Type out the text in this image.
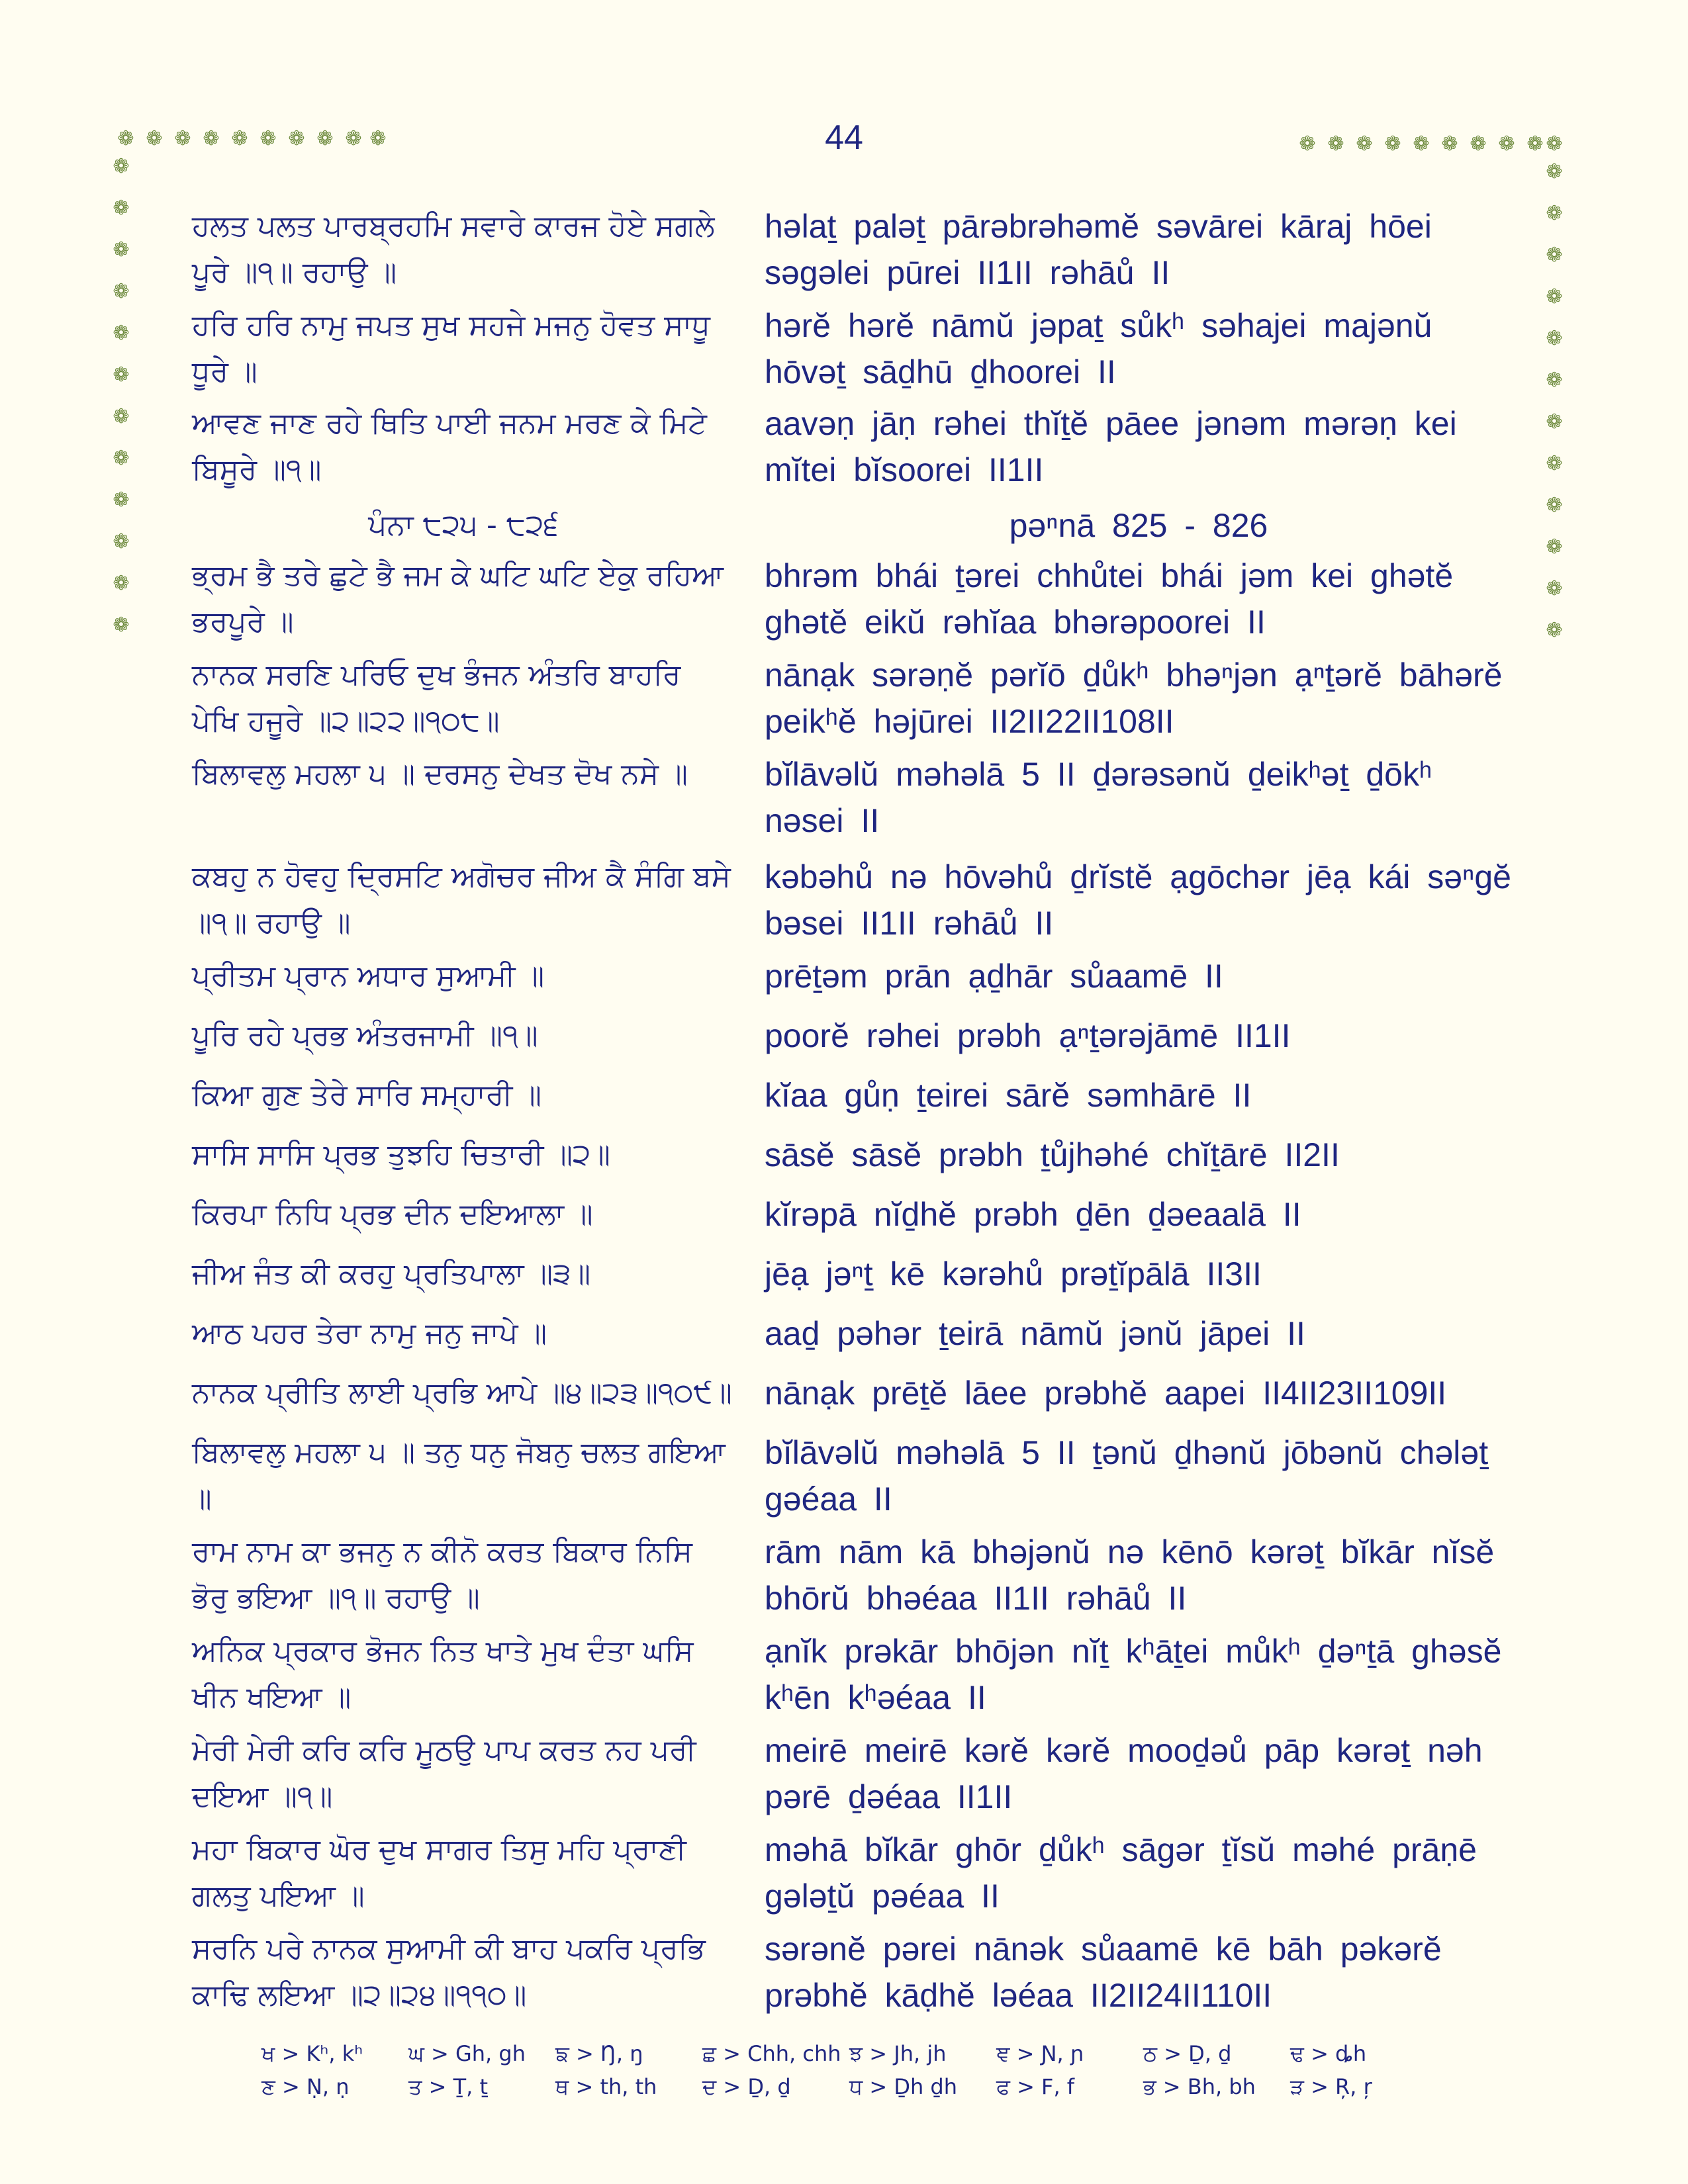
44
❁ ❁ ❁ ❁ ❁ ❁ ❁ ❁ ❁ ❁	❁ ❁ ❁ ❁ ❁ ❁ ❁ ❁ ❁ ❁
❁
❁
❁
❁
❁
❁
❁
❁
❁
❁
❁
❁
❁
❁
❁
❁
❁
❁
❁
❁
❁
❁
❁
❁
ਹਲਤ ਪਲਤ ਪਾਰਬ੍ਰਹਮਿ ਸਵਾਰੇ ਕਾਰਜ ਹੋਏ ਸਗਲੇ ਪੂਰੇ ॥੧॥ ਰਹਾਉ ॥
həlaṯ paləṯ pārəbrəhəmĕ səvārei kāraj hōei səgəlei pūrei II1II rəhāů II
ਹਰਿ ਹਰਿ ਨਾਮੁ ਜਪਤ ਸੁਖ ਸਹਜੇ ਮਜਨੁ ਹੋਵਤ ਸਾਧੂ ਧੂਰੇ ॥
hərĕ hərĕ nāmŭ jəpaṯ sůkʰ səhajei majənŭ hōvəṯ sāḏhū ḏhoorei II
ਆਵਣ ਜਾਣ ਰਹੇ ਥਿਤਿ ਪਾਈ ਜਨਮ ਮਰਣ ਕੇ ਮਿਟੇ ਬਿਸੂਰੇ ॥੧॥
aavəṇ jāṇ rəhei thĭṯĕ pāee jənəm mərəṇ kei mĭtei bĭsoorei II1II
ਪੰਨਾ ੮੨੫ - ੮੨੬	pəⁿnā 825 - 826
ਭ੍ਰਮ ਭੈ ਤਰੇ ਛੁਟੇ ਭੈ ਜਮ ਕੇ ਘਟਿ ਘਟਿ ਏਕੁ ਰਹਿਆ ਭਰਪੂਰੇ ॥
bhrəm bhái ṯərei chhůtei bhái jəm kei ghətĕ ghətĕ eikŭ rəhĭaa bhərəpoorei II
ਨਾਨਕ ਸਰਣਿ ਪਰਿਓ ਦੁਖ ਭੰਜਨ ਅੰਤਰਿ ਬਾਹਰਿ ਪੇਖਿ ਹਜੂਰੇ ॥੨॥੨੨॥੧੦੮॥
nānạk sərəṇĕ pərĭō ḏůkʰ bhəⁿjən ạⁿṯərĕ bāhərĕ peikʰĕ həjūrei II2II22II108II
ਬਿਲਾਵਲੁ ਮਹਲਾ ੫ ॥ ਦਰਸਨੁ ਦੇਖਤ ਦੋਖ ਨਸੇ ॥	bĭlāvəlŭ məhəlā 5 II ḏərəsənŭ ḏeikʰəṯ ḏōkʰ nəsei II
ਕਬਹੁ ਨ ਹੋਵਹੁ ਦ੍ਰਿਸਟਿ ਅਗੋਚਰ ਜੀਅ ਕੈ ਸੰਗਿ ਬਸੇ ॥੧॥ ਰਹਾਉ ॥
kəbəhů nə hōvəhů ḏrĭstĕ ạgōchər jēạ kái səⁿgĕ bəsei II1II rəhāů II
ਪ੍ਰੀਤਮ ਪ੍ਰਾਨ ਅਧਾਰ ਸੁਆਮੀ ॥	prēṯəm prān ạḏhār sůaamē II
ਪੂਰਿ ਰਹੇ ਪ੍ਰਭ ਅੰਤਰਜਾਮੀ ॥੧॥	poorĕ rəhei prəbh ạⁿṯərəjāmē II1II
ਕਿਆ ਗੁਣ ਤੇਰੇ ਸਾਰਿ ਸਮ੍ਹਾਰੀ ॥	kĭaa gůṇ ṯeirei sārĕ səmhārē II
ਸਾਸਿ ਸਾਸਿ ਪ੍ਰਭ ਤੁਝਹਿ ਚਿਤਾਰੀ ॥੨॥	sāsĕ sāsĕ prəbh ṯůjhəhé chĭṯārē II2II
ਕਿਰਪਾ ਨਿਧਿ ਪ੍ਰਭ ਦੀਨ ਦਇਆਲਾ ॥	kĭrəpā nĭḏhĕ prəbh ḏēn ḏəeaalā II
ਜੀਅ ਜੰਤ ਕੀ ਕਰਹੁ ਪ੍ਰਤਿਪਾਲਾ ॥੩॥	jēạ jəⁿṯ kē kərəhů prəṯĭpālā II3II
ਆਠ ਪਹਰ ਤੇਰਾ ਨਾਮੁ ਜਨੁ ਜਾਪੇ ॥	aaḏ pəhər ṯeirā nāmŭ jənŭ jāpei II
ਨਾਨਕ ਪ੍ਰੀਤਿ ਲਾਈ ਪ੍ਰਭਿ ਆਪੇ ॥੪॥੨੩॥੧੦੯॥ nānạk prēṯĕ lāee prəbhĕ aapei II4II23II109II
ਬਿਲਾਵਲੁ ਮਹਲਾ ੫ ॥ ਤਨੁ ਧਨੁ ਜੋਬਨੁ ਚਲਤ ਗਇਆ ॥
bĭlāvəlŭ məhəlā 5 II ṯənŭ ḏhənŭ jōbənŭ chələṯ gəéaa II
ਰਾਮ ਨਾਮ ਕਾ ਭਜਨੁ ਨ ਕੀਨੋ ਕਰਤ ਬਿਕਾਰ ਨਿਸਿ ਭੋਰੁ ਭਇਆ ॥੧॥ ਰਹਾਉ ॥
rām nām kā bhəjənŭ nə kēnō kərəṯ bĭkār nĭsĕ bhōrŭ bhəéaa II1II rəhāů II
ਅਨਿਕ ਪ੍ਰਕਾਰ ਭੋਜਨ ਨਿਤ ਖਾਤੇ ਮੁਖ ਦੰਤਾ ਘਸਿ ਖੀਨ ਖਇਆ ॥
ạnĭk prəkār bhōjən nĭṯ kʰāṯei můkʰ ḏəⁿṯā ghəsĕ kʰēn kʰəéaa II
ਮੇਰੀ ਮੇਰੀ ਕਰਿ ਕਰਿ ਮੂਠਉ ਪਾਪ ਕਰਤ ਨਹ ਪਰੀ ਦਇਆ ॥੧॥
meirē meirē kərĕ kərĕ mooḏəů pāp kərəṯ nəh pərē ḏəéaa II1II
ਮਹਾ ਬਿਕਾਰ ਘੋਰ ਦੁਖ ਸਾਗਰ ਤਿਸੁ ਮਹਿ ਪ੍ਰਾਣੀ ਗਲਤੁ ਪਇਆ ॥
məhā bĭkār ghōr ḏůkʰ sāgər ṯĭsŭ məhé prāṇē gələṯŭ pəéaa II
ਸਰਨਿ ਪਰੇ ਨਾਨਕ ਸੁਆਮੀ ਕੀ ਬਾਹ ਪਕਰਿ ਪ੍ਰਭਿ ਕਾਢਿ ਲਇਆ ॥੨॥੨੪॥੧੧੦॥
sərənĕ pərei nānək sůaamē kē bāh pəkərĕ prəbhĕ kāḍhĕ ləéaa II2II24II110II
ਖ > Kʰ, kʰ ਘ > Gh, gh ਙ > Ŋ, ŋ	ਛ > Chh, chh ਝ > Jh, jh ਞ > Ɲ, ɲ	ਠ > Ḏ, ḏ	ਢ > ȡh
ਣ > Ṇ, ṇ	ਤ > Ṯ, ṯ	ਥ > th, th ਦ > Ḏ, ḏ	ਧ > Ḏh ḏh ਫ > F, f	ਭ > Bh, bh ੜ > Ŗ, ŗ
